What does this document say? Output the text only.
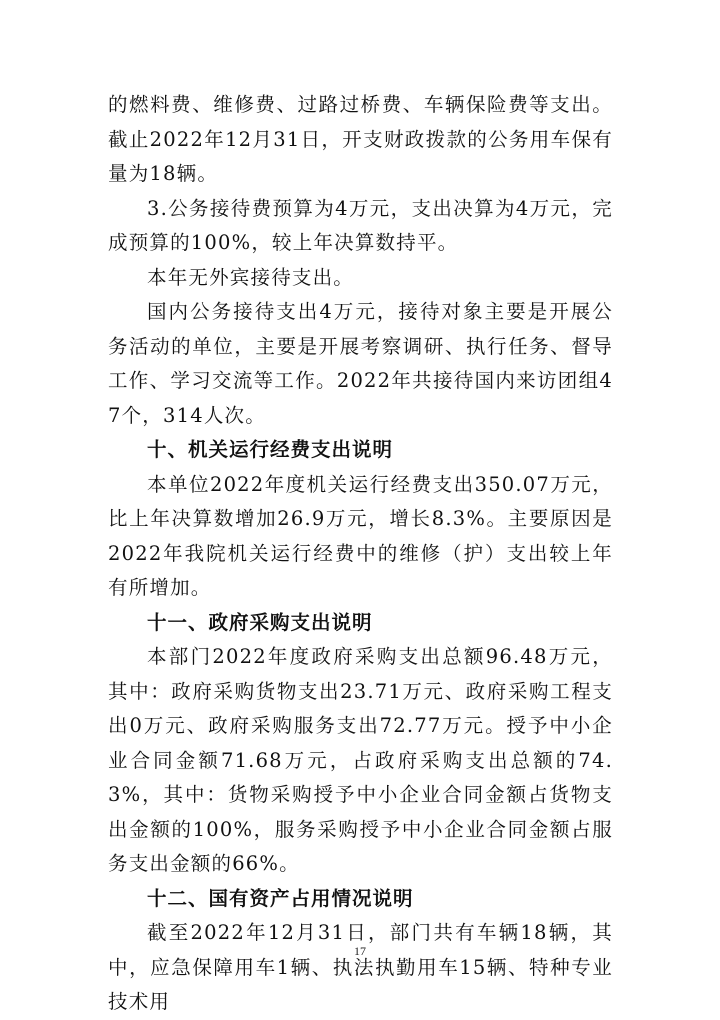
的燃料费、维修费、过路过桥费、车辆保险费等支出。截止2022年12月31日，开支财政拨款的公务用车保有量为18辆。

3.公务接待费预算为4万元，支出决算为4万元，完成预算的100%，较上年决算数持平。

本年无外宾接待支出。

国内公务接待支出4万元，接待对象主要是开展公务活动的单位，主要是开展考察调研、执行任务、督导工作、学习交流等工作。2022年共接待国内来访团组47个，314人次。

十、机关运行经费支出说明

本单位2022年度机关运行经费支出350.07万元，比上年决算数增加26.9万元，增长8.3%。主要原因是2022年我院机关运行经费中的维修（护）支出较上年有所增加。

十一、政府采购支出说明

本部门2022年度政府采购支出总额96.48万元，其中：政府采购货物支出23.71万元、政府采购工程支出0万元、政府采购服务支出72.77万元。授予中小企业合同金额71.68万元，占政府采购支出总额的74.3%，其中：货物采购授予中小企业合同金额占货物支出金额的100%，服务采购授予中小企业合同金额占服务支出金额的66%。

十二、国有资产占用情况说明

截至2022年12月31日，部门共有车辆18辆，其中，应急保障用车1辆、执法执勤用车15辆、特种专业技术用

17
